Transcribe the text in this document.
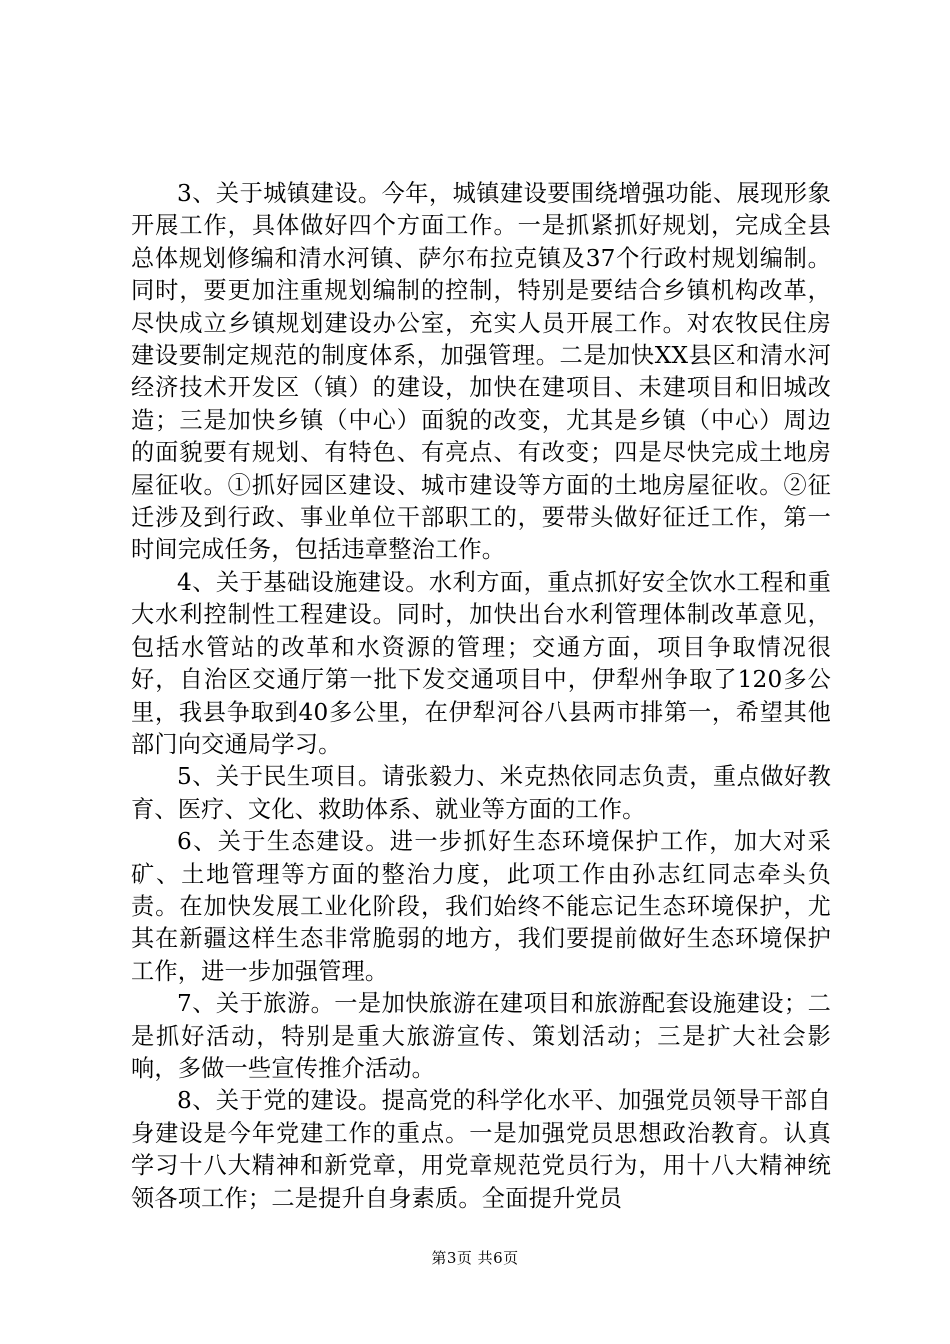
3、关于城镇建设。今年，城镇建设要围绕增强功能、展现形象开展工作，具体做好四个方面工作。一是抓紧抓好规划，完成全县总体规划修编和清水河镇、萨尔布拉克镇及37个行政村规划编制。同时，要更加注重规划编制的控制，特别是要结合乡镇机构改革，尽快成立乡镇规划建设办公室，充实人员开展工作。对农牧民住房建设要制定规范的制度体系，加强管理。二是加快XX县区和清水河经济技术开发区（镇）的建设，加快在建项目、未建项目和旧城改造；三是加快乡镇（中心）面貌的改变，尤其是乡镇（中心）周边的面貌要有规划、有特色、有亮点、有改变；四是尽快完成土地房屋征收。①抓好园区建设、城市建设等方面的土地房屋征收。②征迁涉及到行政、事业单位干部职工的，要带头做好征迁工作，第一时间完成任务，包括违章整治工作。

4、关于基础设施建设。水利方面，重点抓好安全饮水工程和重大水利控制性工程建设。同时，加快出台水利管理体制改革意见，包括水管站的改革和水资源的管理；交通方面，项目争取情况很好，自治区交通厅第一批下发交通项目中，伊犁州争取了120多公里，我县争取到40多公里，在伊犁河谷八县两市排第一，希望其他部门向交通局学习。

5、关于民生项目。请张毅力、米克热依同志负责，重点做好教育、医疗、文化、救助体系、就业等方面的工作。

6、关于生态建设。进一步抓好生态环境保护工作，加大对采矿、土地管理等方面的整治力度，此项工作由孙志红同志牵头负责。在加快发展工业化阶段，我们始终不能忘记生态环境保护，尤其在新疆这样生态非常脆弱的地方，我们要提前做好生态环境保护工作，进一步加强管理。

7、关于旅游。一是加快旅游在建项目和旅游配套设施建设；二是抓好活动，特别是重大旅游宣传、策划活动；三是扩大社会影响，多做一些宣传推介活动。

8、关于党的建设。提高党的科学化水平、加强党员领导干部自身建设是今年党建工作的重点。一是加强党员思想政治教育。认真学习十八大精神和新党章，用党章规范党员行为，用十八大精神统领各项工作；二是提升自身素质。全面提升党员

第3页 共6页
